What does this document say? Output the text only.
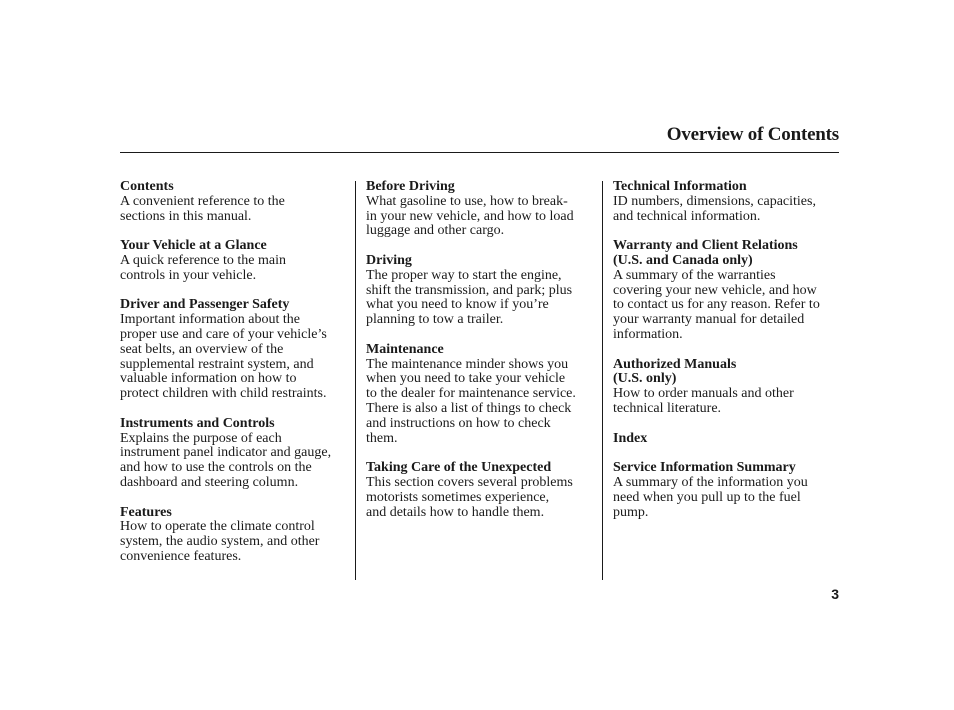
Overview of Contents
Contents
A convenient reference to the
sections in this manual.
Your Vehicle at a Glance
A quick reference to the main
controls in your vehicle.
Driver and Passenger Safety
Important information about the
proper use and care of your vehicle’s
seat belts, an overview of the
supplemental restraint system, and
valuable information on how to
protect children with child restraints.
Instruments and Controls
Explains the purpose of each
instrument panel indicator and gauge,
and how to use the controls on the
dashboard and steering column.
Features
How to operate the climate control
system, the audio system, and other
convenience features.
Before Driving
What gasoline to use, how to break-
in your new vehicle, and how to load
luggage and other cargo.
Driving
The proper way to start the engine,
shift the transmission, and park; plus
what you need to know if you’re
planning to tow a trailer.
Maintenance
The maintenance minder shows you
when you need to take your vehicle
to the dealer for maintenance service.
There is also a list of things to check
and instructions on how to check
them.
Taking Care of the Unexpected
This section covers several problems
motorists sometimes experience,
and details how to handle them.
Technical Information
ID numbers, dimensions, capacities,
and technical information.
Warranty and Client Relations
(U.S. and Canada only)
A summary of the warranties
covering your new vehicle, and how
to contact us for any reason. Refer to
your warranty manual for detailed
information.
Authorized Manuals
(U.S. only)
How to order manuals and other
technical literature.
Index
Service Information Summary
A summary of the information you
need when you pull up to the fuel
pump.
3
